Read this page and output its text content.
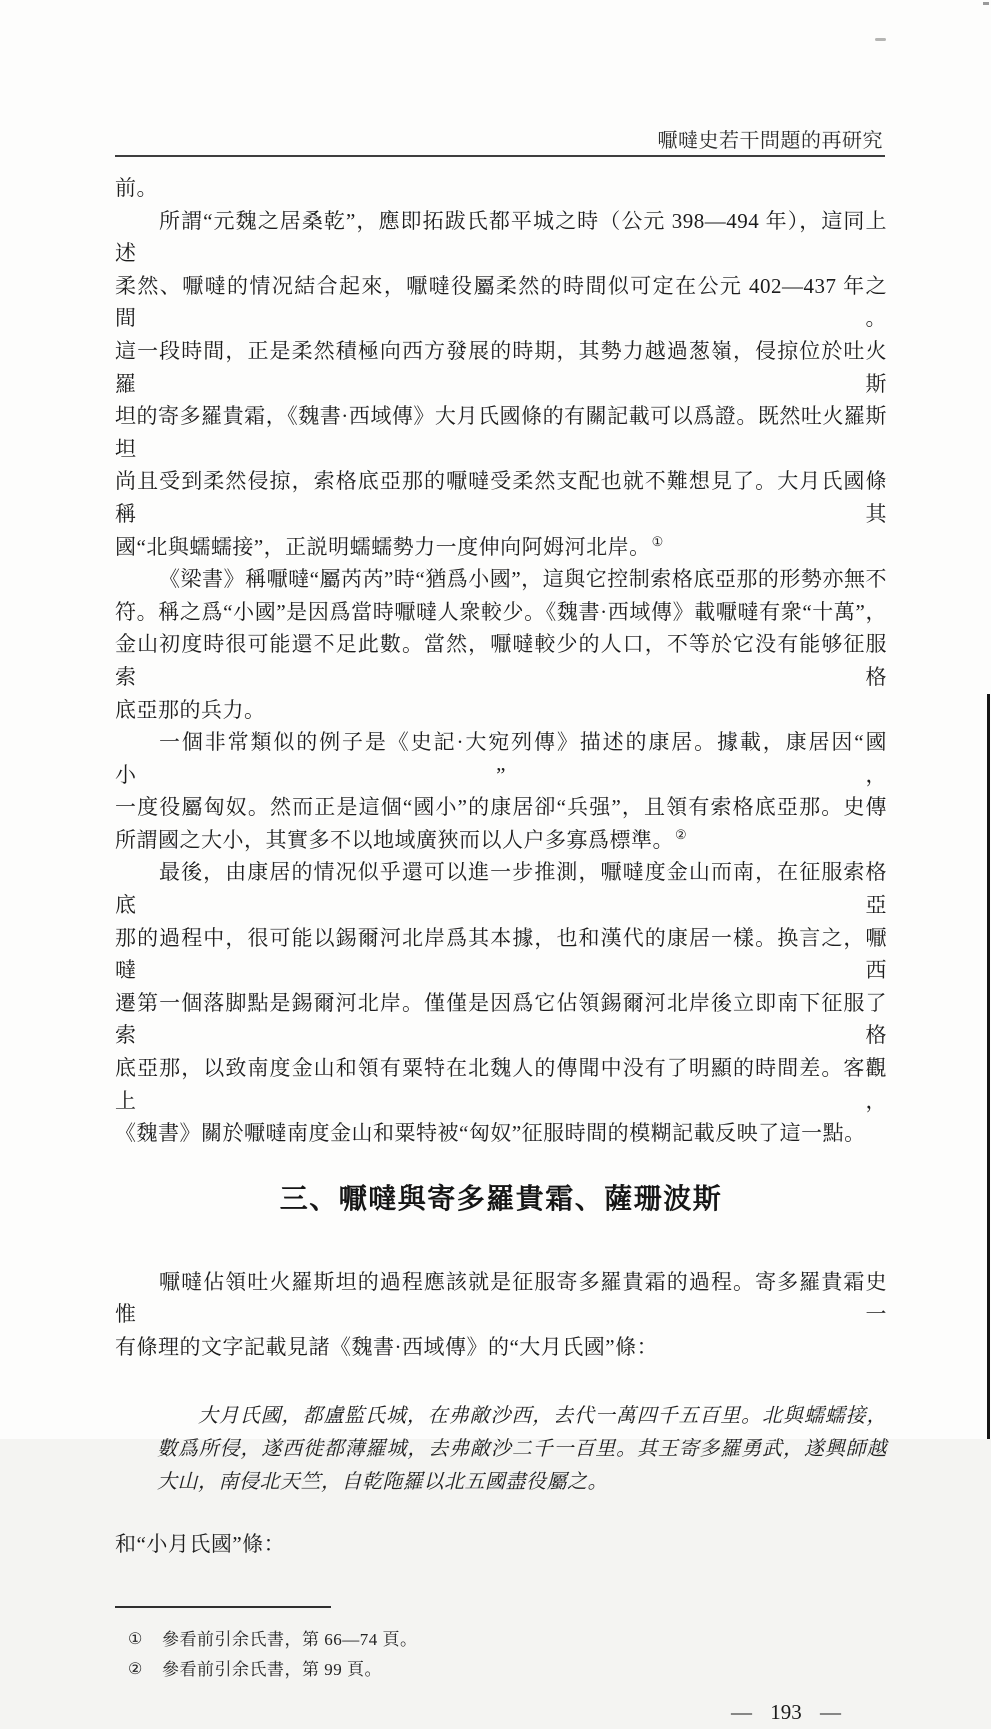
嚈噠史若干問題的再研究
前。
所謂“元魏之居桑乾”，應即拓跋氏都平城之時（公元 398—494 年），這同上述
柔然、嚈噠的情况結合起來，嚈噠役屬柔然的時間似可定在公元 402—437 年之間。
這一段時間，正是柔然積極向西方發展的時期，其勢力越過葱嶺，侵掠位於吐火羅斯
坦的寄多羅貴霜，《魏書·西域傳》大月氏國條的有關記載可以爲證。既然吐火羅斯坦
尚且受到柔然侵掠，索格底亞那的嚈噠受柔然支配也就不難想見了。大月氏國條稱其
國“北與蠕蠕接”，正説明蠕蠕勢力一度伸向阿姆河北岸。①
《梁書》稱嚈噠“屬芮芮”時“猶爲小國”，這與它控制索格底亞那的形勢亦無不
符。稱之爲“小國”是因爲當時嚈噠人衆較少。《魏書·西域傳》載嚈噠有衆“十萬”，
金山初度時很可能還不足此數。當然，嚈噠較少的人口，不等於它没有能够征服索格
底亞那的兵力。
一個非常類似的例子是《史記·大宛列傳》描述的康居。據載，康居因“國小”，
一度役屬匈奴。然而正是這個“國小”的康居卻“兵强”，且領有索格底亞那。史傳
所謂國之大小，其實多不以地域廣狹而以人户多寡爲標準。②
最後，由康居的情况似乎還可以進一步推測，嚈噠度金山而南，在征服索格底亞
那的過程中，很可能以錫爾河北岸爲其本據，也和漢代的康居一樣。换言之，嚈噠西
遷第一個落脚點是錫爾河北岸。僅僅是因爲它佔領錫爾河北岸後立即南下征服了索格
底亞那，以致南度金山和領有粟特在北魏人的傳聞中没有了明顯的時間差。客觀上，
《魏書》關於嚈噠南度金山和粟特被“匈奴”征服時間的模糊記載反映了這一點。
三、嚈噠與寄多羅貴霜、薩珊波斯
嚈噠佔領吐火羅斯坦的過程應該就是征服寄多羅貴霜的過程。寄多羅貴霜史惟一
有條理的文字記載見諸《魏書·西域傳》的“大月氏國”條：
大月氏國，都盧監氏城，在弗敵沙西，去代一萬四千五百里。北與蠕蠕接，
數爲所侵，遂西徙都薄羅城，去弗敵沙二千一百里。其王寄多羅勇武，遂興師越
大山，南侵北天竺，自乾陁羅以北五國盡役屬之。
和“小月氏國”條：
①	參看前引余氏書，第 66—74 頁。
②	參看前引余氏書，第 99 頁。
— 193 —
